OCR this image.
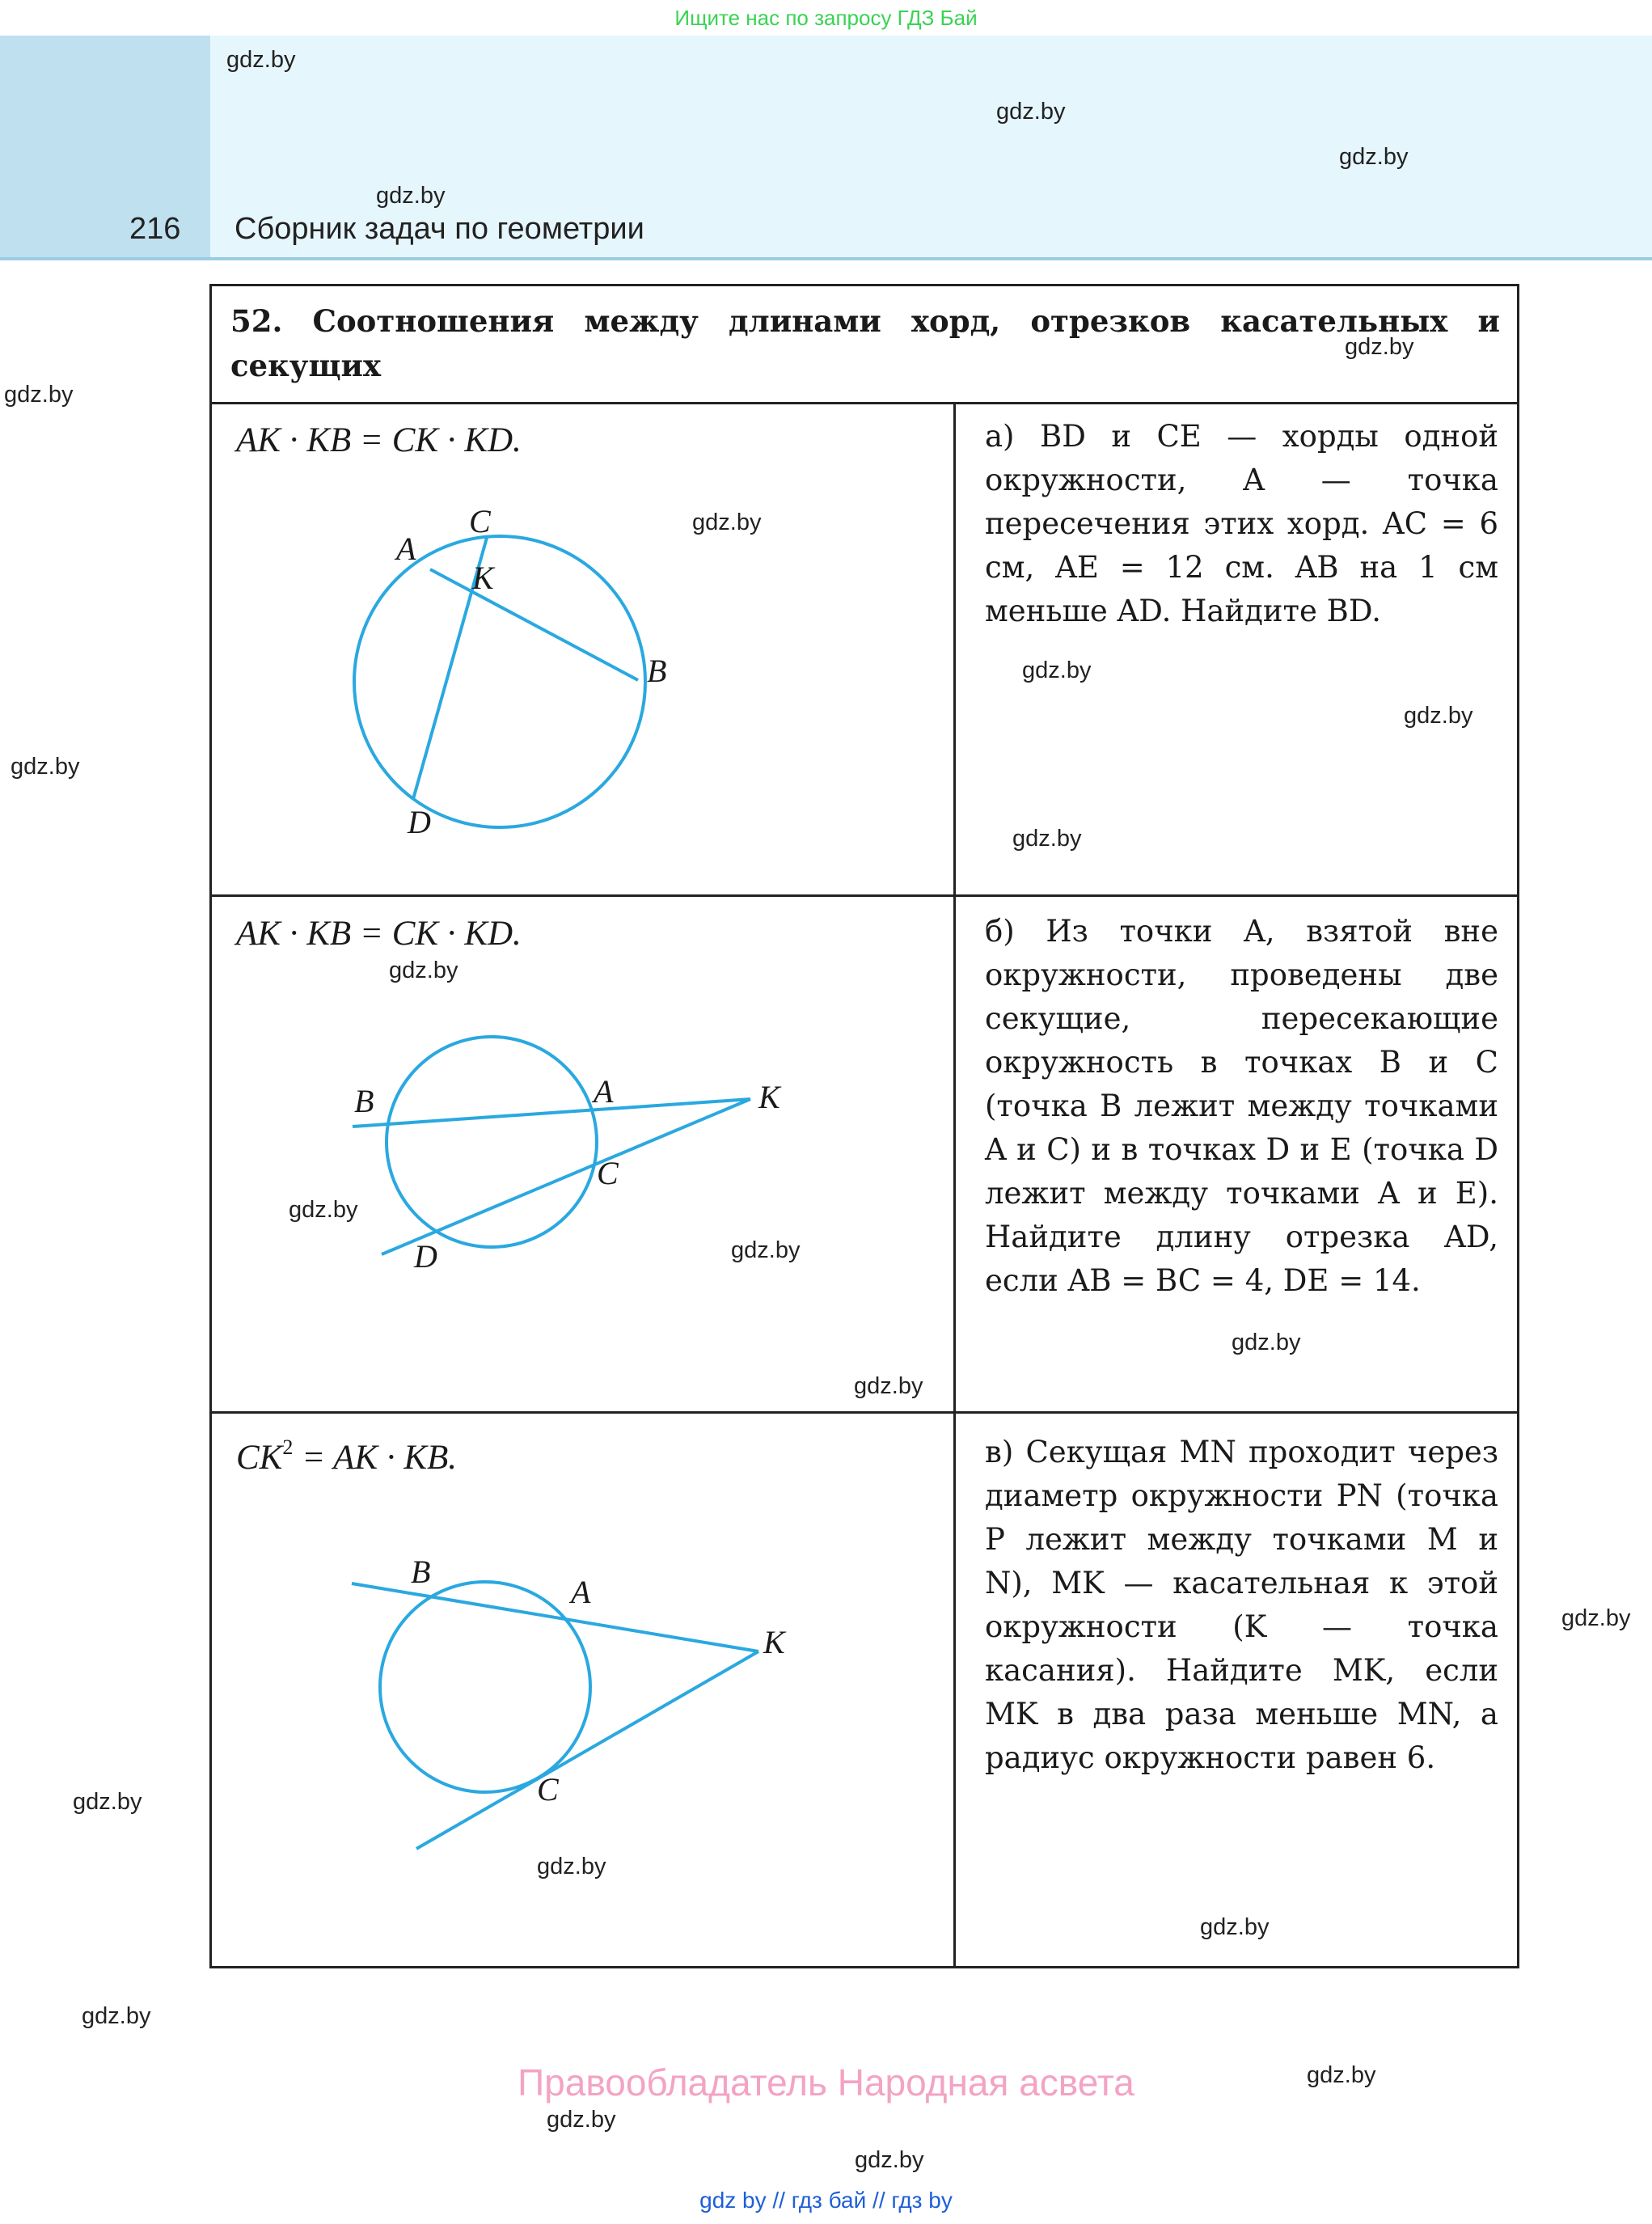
Ищите нас по запросу ГДЗ Бай
216 Сборник задач по геометрии
gdz.by
gdz.by
gdz.by
gdz.by
gdz.by
gdz.by
gdz.by
gdz.by
gdz.by
gdz.by
gdz.by
gdz.by
gdz.by
gdz.by
gdz.by
gdz.by
gdz.by
gdz.by
gdz.by
gdz.by
gdz.by
gdz.by
gdz.by
gdz.by
52. Соотношения между длинами хорд, отрезков касательных и секущих
AK · KB = CK · KD.
C
A
K
B
D
а) BD и CE — хорды одной окружности, A — точка пересечения этих хорд. AC = 6 см, AE = 12 см. AB на 1 см меньше AD. Найдите BD.
AK · KB = CK · KD.
B	A	K
C
D
б) Из точки A, взятой вне окружности, проведены две секущие, пересекающие окружность в точках B и C (точка B лежит между точками A и C) и в точках D и E (точка D лежит между точками A и E). Найдите длину отрезка AD, если AB = BC = 4, DE = 14.
$CK^2$ = AK · KB.
B
A
K
C
в) Секущая MN проходит через диаметр окружности PN (точка P лежит между точками M и N), MK — касательная к этой окружности (K — точка касания). Найдите MK, если MK в два раза меньше MN, а радиус окружности равен 6.
Правообладатель Народная асвета
gdz by // гдз бай // гдз by
